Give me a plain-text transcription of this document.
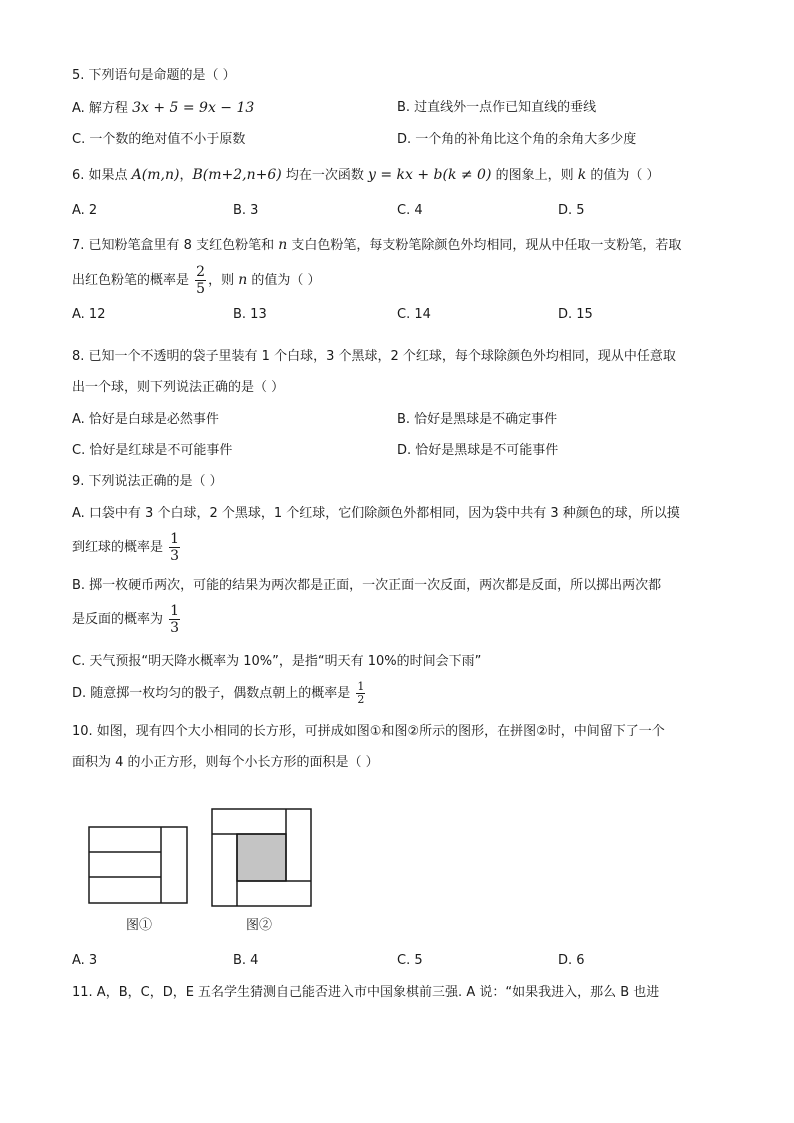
5. 下列语句是命题的是（ ）
A. 解方程 3x + 5 = 9x − 13	B. 过直线外一点作已知直线的垂线
C. 一个数的绝对值不小于原数	D. 一个角的补角比这个角的余角大多少度
6. 如果点 A(m,n)，B(m+2,n+6) 均在一次函数 y = kx + b(k ≠ 0) 的图象上，则 k 的值为（ ）
A. 2	B. 3	C. 4	D. 5
7. 已知粉笔盒里有 8 支红色粉笔和 n 支白色粉笔，每支粉笔除颜色外均相同，现从中任取一支粉笔，若取
出红色粉笔的概率是 $\frac{2}{5}$ ，则 n 的值为（ ）
A. 12	B. 13	C. 14	D. 15
8. 已知一个不透明的袋子里装有 1 个白球，3 个黑球，2 个红球，每个球除颜色外均相同，现从中任意取
出一个球，则下列说法正确的是（ ）
A. 恰好是白球是必然事件	B. 恰好是黑球是不确定事件
C. 恰好是红球是不可能事件	D. 恰好是黑球是不可能事件
9. 下列说法正确的是（ ）
A. 口袋中有 3 个白球，2 个黑球，1 个红球，它们除颜色外都相同，因为袋中共有 3 种颜色的球，所以摸
到红球的概率是 $\frac{1}{3}$
B. 掷一枚硬币两次，可能的结果为两次都是正面，一次正面一次反面，两次都是反面，所以掷出两次都
是反面的概率为 $\frac{1}{3}$
C. 天气预报“明天降水概率为 10%”，是指“明天有 10%的时间会下雨”
D. 随意掷一枚均匀的骰子，偶数点朝上的概率是 $\frac{1}{2}$
10. 如图，现有四个大小相同的长方形，可拼成如图①和图②所示的图形，在拼图②时，中间留下了一个
面积为 4 的小正方形，则每个小长方形的面积是（ ）
图①	图②
A. 3	B. 4	C. 5	D. 6
11. A，B，C，D，E 五名学生猜测自己能否进入市中国象棋前三强. A 说：“如果我进入，那么 B 也进
